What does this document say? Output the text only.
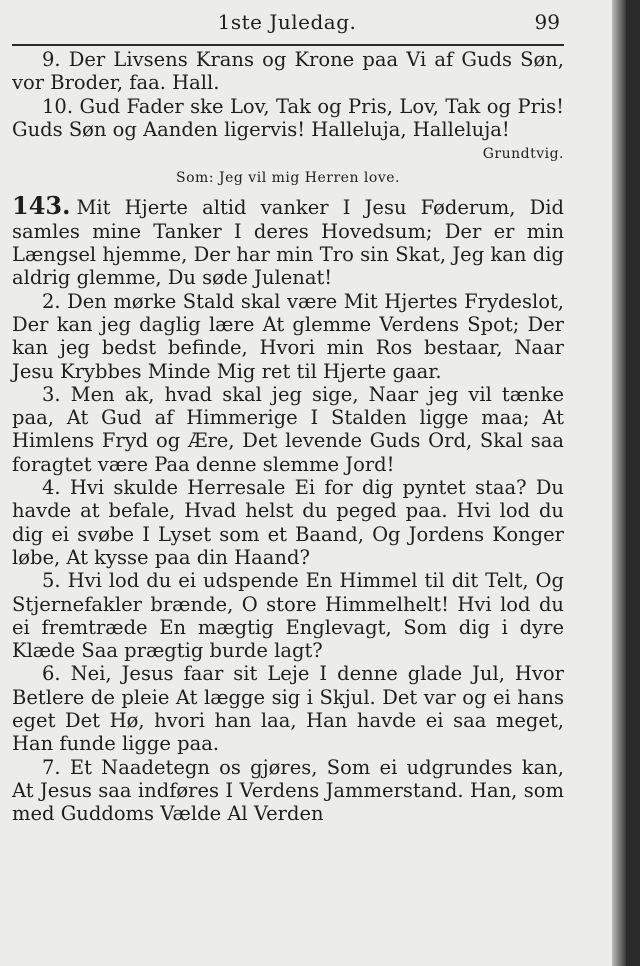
1ste Juledag.	99

9. Der Livsens Krans og Krone paa Vi af Guds Søn, vor Broder, faa. Hall.

10. Gud Fader ske Lov, Tak og Pris, Lov, Tak og Pris! Guds Søn og Aanden ligervis! Halleluja, Halleluja!
Grundtvig.

Som: Jeg vil mig Herren love.

143. Mit Hjerte altid vanker I Jesu Føderum, Did samles mine Tanker I deres Hovedsum; Der er min Længsel hjemme, Der har min Tro sin Skat, Jeg kan dig aldrig glemme, Du søde Julenat!

2. Den mørke Stald skal være Mit Hjertes Frydeslot, Der kan jeg daglig lære At glemme Verdens Spot; Der kan jeg bedst befinde, Hvori min Ros bestaar, Naar Jesu Krybbes Minde Mig ret til Hjerte gaar.

3. Men ak, hvad skal jeg sige, Naar jeg vil tænke paa, At Gud af Himmerige I Stalden ligge maa; At Himlens Fryd og Ære, Det levende Guds Ord, Skal saa foragtet være Paa denne slemme Jord!

4. Hvi skulde Herresale Ei for dig pyntet staa? Du havde at befale, Hvad helst du peged paa. Hvi lod du dig ei svøbe I Lyset som et Baand, Og Jordens Konger løbe, At kysse paa din Haand?

5. Hvi lod du ei udspende En Himmel til dit Telt, Og Stjernefakler brænde, O store Himmelhelt! Hvi lod du ei fremtræde En mægtig Englevagt, Som dig i dyre Klæde Saa prægtig burde lagt?

6. Nei, Jesus faar sit Leje I denne glade Jul, Hvor Betlere de pleie At lægge sig i Skjul. Det var og ei hans eget Det Hø, hvori han laa, Han havde ei saa meget, Han funde ligge paa.

7. Et Naadetegn os gjøres, Som ei udgrundes kan, At Jesus saa indføres I Verdens Jammerstand. Han, som med Guddoms Vælde Al Verden
